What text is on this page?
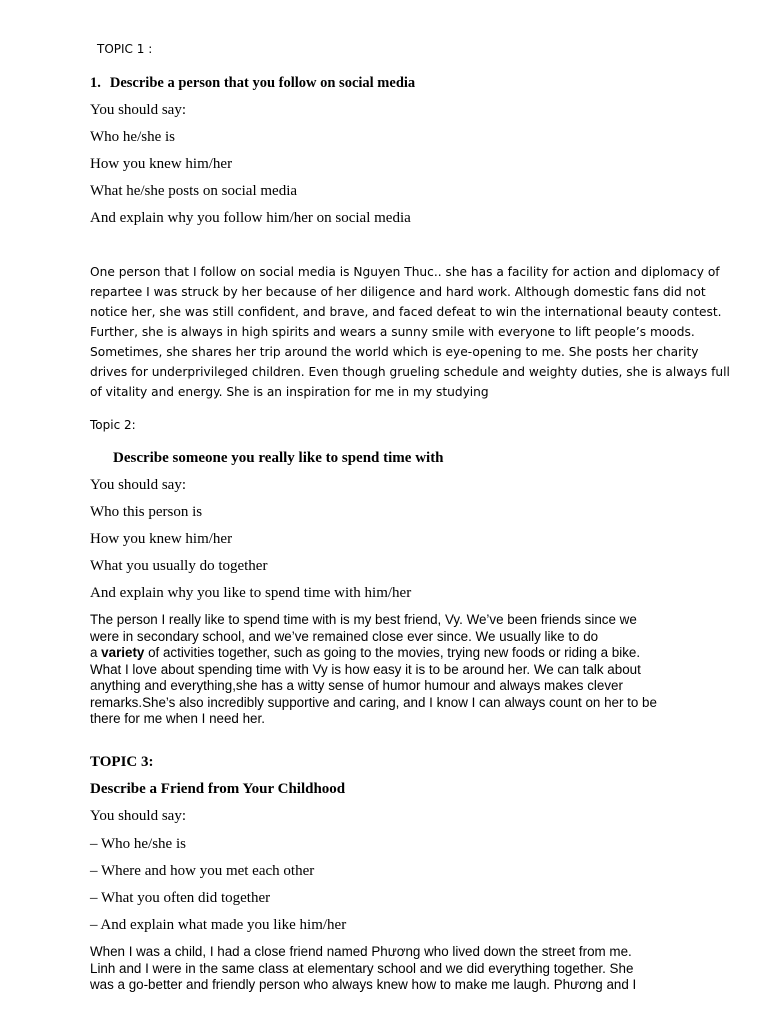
TOPIC 1 :
1. Describe a person that you follow on social media
You should say:
Who he/she is
How you knew him/her
What he/she posts on social media
And explain why you follow him/her on social media
One person that I follow on social media is Nguyen Thuc.. she has a facility for action and diplomacy of
repartee I was struck by her because of her diligence and hard work. Although domestic fans did not
notice her, she was still confident, and brave, and faced defeat to win the international beauty contest.
Further, she is always in high spirits and wears a sunny smile with everyone to lift people’s moods.
Sometimes, she shares her trip around the world which is eye-opening to me. She posts her charity
drives for underprivileged children. Even though grueling schedule and weighty duties, she is always full
of vitality and energy. She is an inspiration for me in my studying
Topic 2:
Describe someone you really like to spend time with
You should say:
Who this person is
How you knew him/her
What you usually do together
And explain why you like to spend time with him/her
The person I really like to spend time with is my best friend, Vy. We’ve been friends since we
were in secondary school, and we’ve remained close ever since. We usually like to do
a variety of activities together, such as going to the movies, trying new foods or riding a bike.
What I love about spending time with Vy is how easy it is to be around her. We can talk about
anything and everything,she has a witty sense of humor humour and always makes clever
remarks.She’s also incredibly supportive and caring, and I know I can always count on her to be
there for me when I need her.
TOPIC 3:
Describe a Friend from Your Childhood
You should say:
– Who he/she is
– Where and how you met each other
– What you often did together
– And explain what made you like him/her
When I was a child, I had a close friend named Phương who lived down the street from me.
Linh and I were in the same class at elementary school and we did everything together. She
was a go-better and friendly person who always knew how to make me laugh. Phương and I
